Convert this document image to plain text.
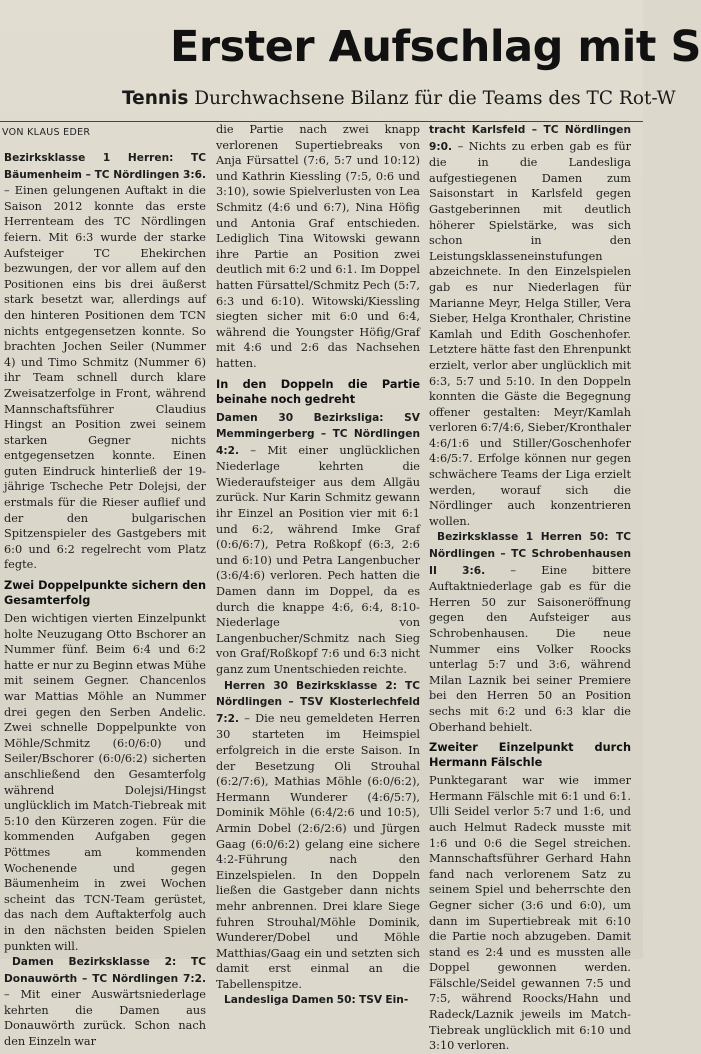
Erster Aufschlag mit S
Tennis Durchwachsene Bilanz für die Teams des TC Rot-W
VON KLAUS EDER

Bezirksklasse 1 Herren: TC Bäumenheim – TC Nördlingen 3:6. – Einen gelungenen Auftakt in die Saison 2012 konnte das erste Herrenteam des TC Nördlingen feiern. Mit 6:3 wurde der starke Aufsteiger TC Ehekirchen bezwungen, der vor allem auf den Positionen eins bis drei äußerst stark besetzt war, allerdings auf den hinteren Positionen dem TCN nichts entgegensetzen konnte. So brachten Jochen Seiler (Nummer 4) und Timo Schmitz (Nummer 6) ihr Team schnell durch klare Zweisatzerfolge in Front, während Mannschaftsführer Claudius Hingst an Position zwei seinem starken Gegner nichts entgegensetzen konnte. Einen guten Eindruck hinterließ der 19-jährige Tscheche Petr Dolejsi, der erstmals für die Rieser auflief und der den bulgarischen Spitzenspieler des Gastgebers mit 6:0 und 6:2 regelrecht vom Platz fegte.

Zwei Doppelpunkte sichern den Gesamterfolg

Den wichtigen vierten Einzelpunkt holte Neuzugang Otto Bschorer an Nummer fünf. Beim 6:4 und 6:2 hatte er nur zu Beginn etwas Mühe mit seinem Gegner. Chancenlos war Mattias Möhle an Nummer drei gegen den Serben Andelic. Zwei schnelle Doppelpunkte von Möhle/Schmitz (6:0/6:0) und Seiler/Bschorer (6:0/6:2) sicherten anschließend den Gesamterfolg während Dolejsi/Hingst unglücklich im Match-Tiebreak mit 5:10 den Kürzeren zogen. Für die kommenden Aufgaben gegen Pöttmes am kommenden Wochenende und gegen Bäumenheim in zwei Wochen scheint das TCN-Team gerüstet, das nach dem Auftakterfolg auch in den nächsten beiden Spielen punkten will.

Damen Bezirksklasse 2: TC Donauwörth – TC Nördlingen 7:2. – Mit einer Auswärtsniederlage kehrten die Damen aus Donauwörth zurück. Schon nach den Einzeln war

die Partie nach zwei knapp verlorenen Supertiebreaks von Anja Fürsattel (7:6, 5:7 und 10:12) und Kathrin Kiessling (7:5, 0:6 und 3:10), sowie Spielverlusten von Lea Schmitz (4:6 und 6:7), Nina Höfig und Antonia Graf entschieden. Lediglich Tina Witowski gewann ihre Partie an Position zwei deutlich mit 6:2 und 6:1. Im Doppel hatten Fürsattel/Schmitz Pech (5:7, 6:3 und 6:10). Witowski/Kiessling siegten sicher mit 6:0 und 6:4, während die Youngster Höfig/Graf mit 4:6 und 2:6 das Nachsehen hatten.

In den Doppeln die Partie beinahe noch gedreht

Damen 30 Bezirksliga: SV Memmingerberg – TC Nördlingen 4:2. – Mit einer unglücklichen Niederlage kehrten die Wiederaufsteiger aus dem Allgäu zurück. Nur Karin Schmitz gewann ihr Einzel an Position vier mit 6:1 und 6:2, während Imke Graf (0:6/6:7), Petra Roßkopf (6:3, 2:6 und 6:10) und Petra Langenbucher (3:6/4:6) verloren. Pech hatten die Damen dann im Doppel, da es durch die knappe 4:6, 6:4, 8:10-Niederlage von Langenbucher/Schmitz nach Sieg von Graf/Roßkopf 7:6 und 6:3 nicht ganz zum Unentschieden reichte.

Herren 30 Bezirksklasse 2: TC Nördlingen – TSV Klosterlechfeld 7:2. – Die neu gemeldeten Herren 30 starteten im Heimspiel erfolgreich in die erste Saison. In der Besetzung Oli Strouhal (6:2/7:6), Mathias Möhle (6:0/6:2), Hermann Wunderer (4:6/5:7), Dominik Möhle (6:4/2:6 und 10:5), Armin Dobel (2:6/2:6) und Jürgen Gaag (6:0/6:2) gelang eine sichere 4:2-Führung nach den Einzelspielen. In den Doppeln ließen die Gastgeber dann nichts mehr anbrennen. Drei klare Siege fuhren Strouhal/Möhle Dominik, Wunderer/Dobel und Möhle Matthias/Gaag ein und setzten sich damit erst einmal an die Tabellenspitze.

Landesliga Damen 50: TSV Ein-

tracht Karlsfeld – TC Nördlingen 9:0. – Nichts zu erben gab es für die in die Landesliga aufgestiegenen Damen zum Saisonstart in Karlsfeld gegen Gastgeberinnen mit deutlich höherer Spielstärke, was sich schon in den Leistungsklasseneinstufungen abzeichnete. In den Einzelspielen gab es nur Niederlagen für Marianne Meyr, Helga Stiller, Vera Sieber, Helga Kronthaler, Christine Kamlah und Edith Goschenhofer. Letztere hätte fast den Ehrenpunkt erzielt, verlor aber unglücklich mit 6:3, 5:7 und 5:10. In den Doppeln konnten die Gäste die Begegnung offener gestalten: Meyr/Kamlah verloren 6:7/4:6, Sieber/Kronthaler 4:6/1:6 und Stiller/Goschenhofer 4:6/5:7. Erfolge können nur gegen schwächere Teams der Liga erzielt werden, worauf sich die Nördlinger auch konzentrieren wollen.

Bezirksklasse 1 Herren 50: TC Nördlingen – TC Schrobenhausen II 3:6. – Eine bittere Auftaktniederlage gab es für die Herren 50 zur Saisoneröffnung gegen den Aufsteiger aus Schrobenhausen. Die neue Nummer eins Volker Roocks unterlag 5:7 und 3:6, während Milan Laznik bei seiner Premiere bei den Herren 50 an Position sechs mit 6:2 und 6:3 klar die Oberhand behielt.

Zweiter Einzelpunkt durch Hermann Fälschle

Punktegarant war wie immer Hermann Fälschle mit 6:1 und 6:1. Ulli Seidel verlor 5:7 und 1:6, und auch Helmut Radeck musste mit 1:6 und 0:6 die Segel streichen. Mannschaftsführer Gerhard Hahn fand nach verlorenem Satz zu seinem Spiel und beherrschte den Gegner sicher (3:6 und 6:0), um dann im Supertiebreak mit 6:10 die Partie noch abzugeben. Damit stand es 2:4 und es mussten alle Doppel gewonnen werden. Fälschle/Seidel gewannen 7:5 und 7:5, während Roocks/Hahn und Radeck/Laznik jeweils im Match-Tiebreak unglücklich mit 6:10 und 3:10 verloren.
